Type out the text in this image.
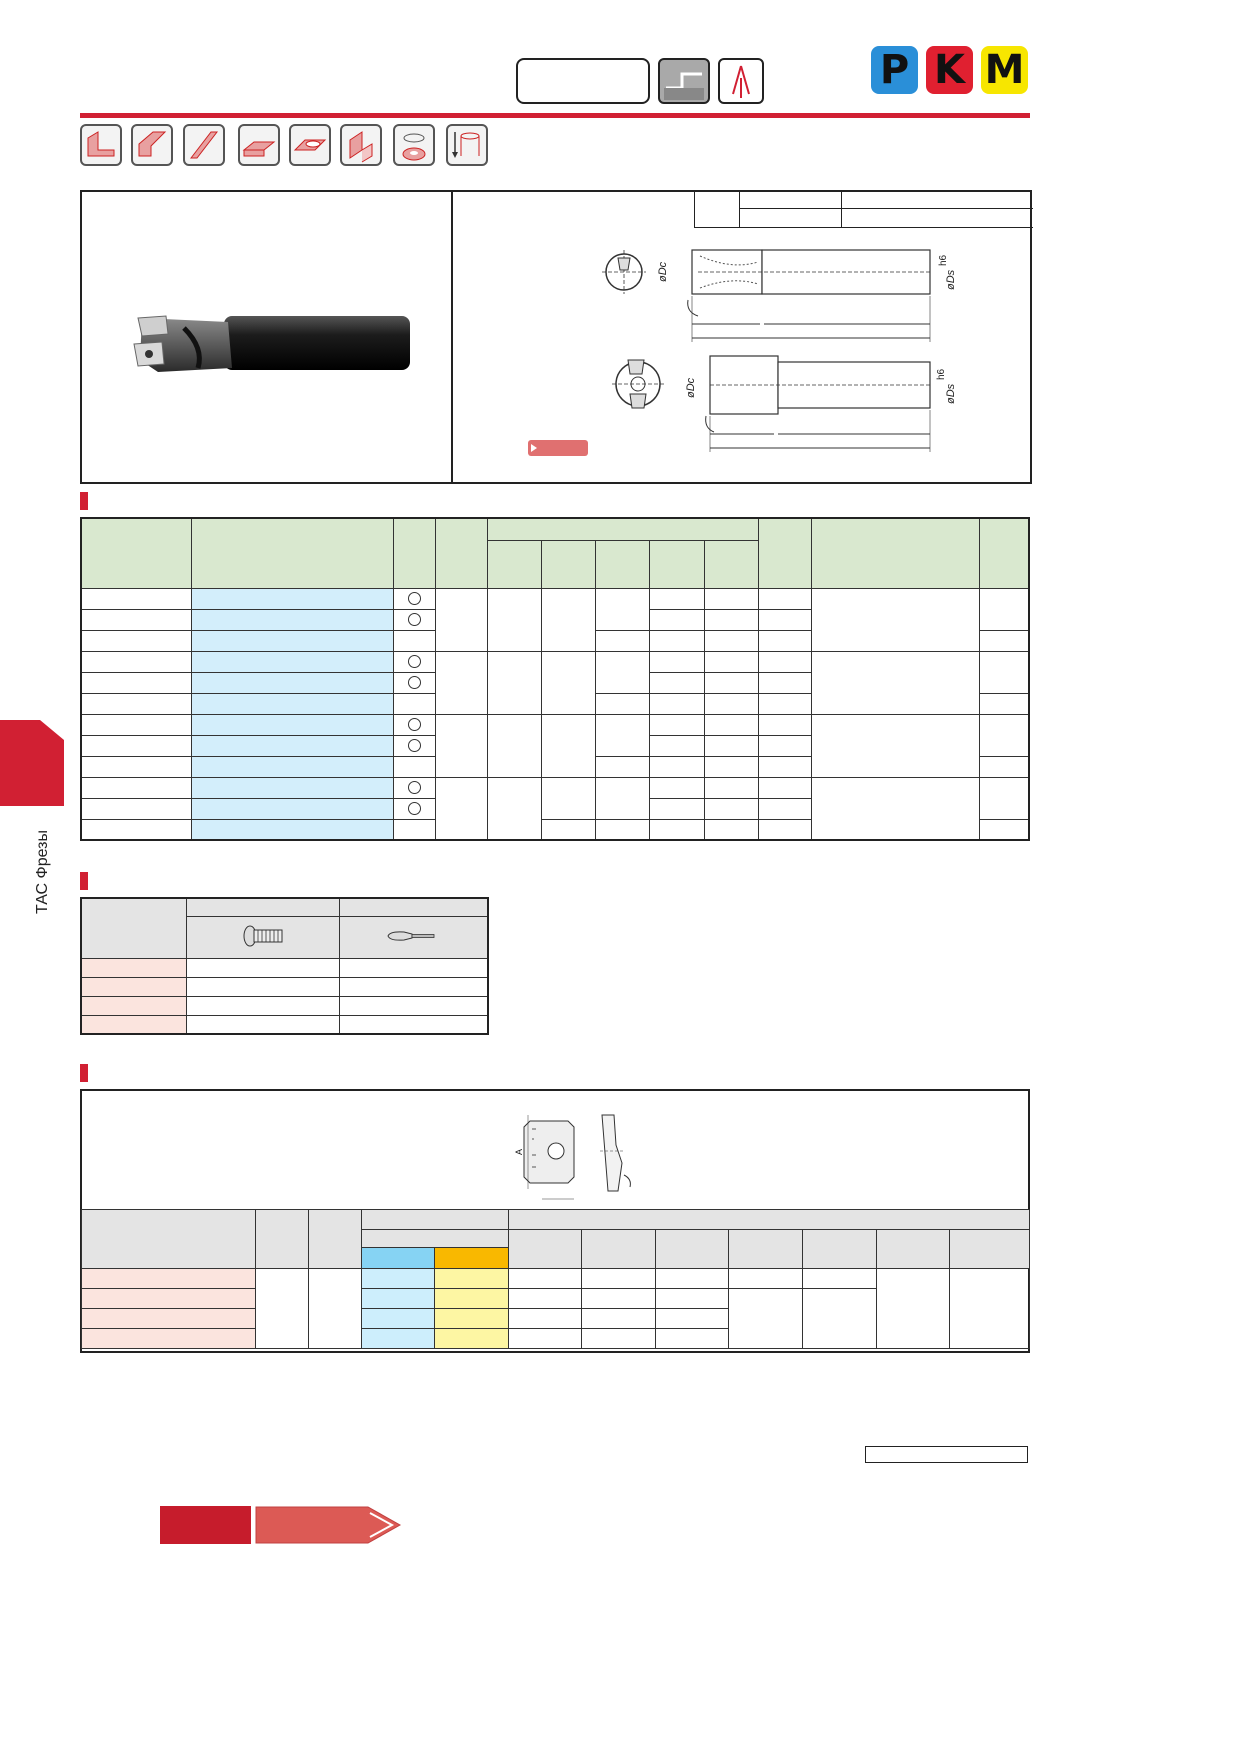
P K M
øDc
h6
øDs
øDc
h6
øDs
ТАС Фрезы

A
